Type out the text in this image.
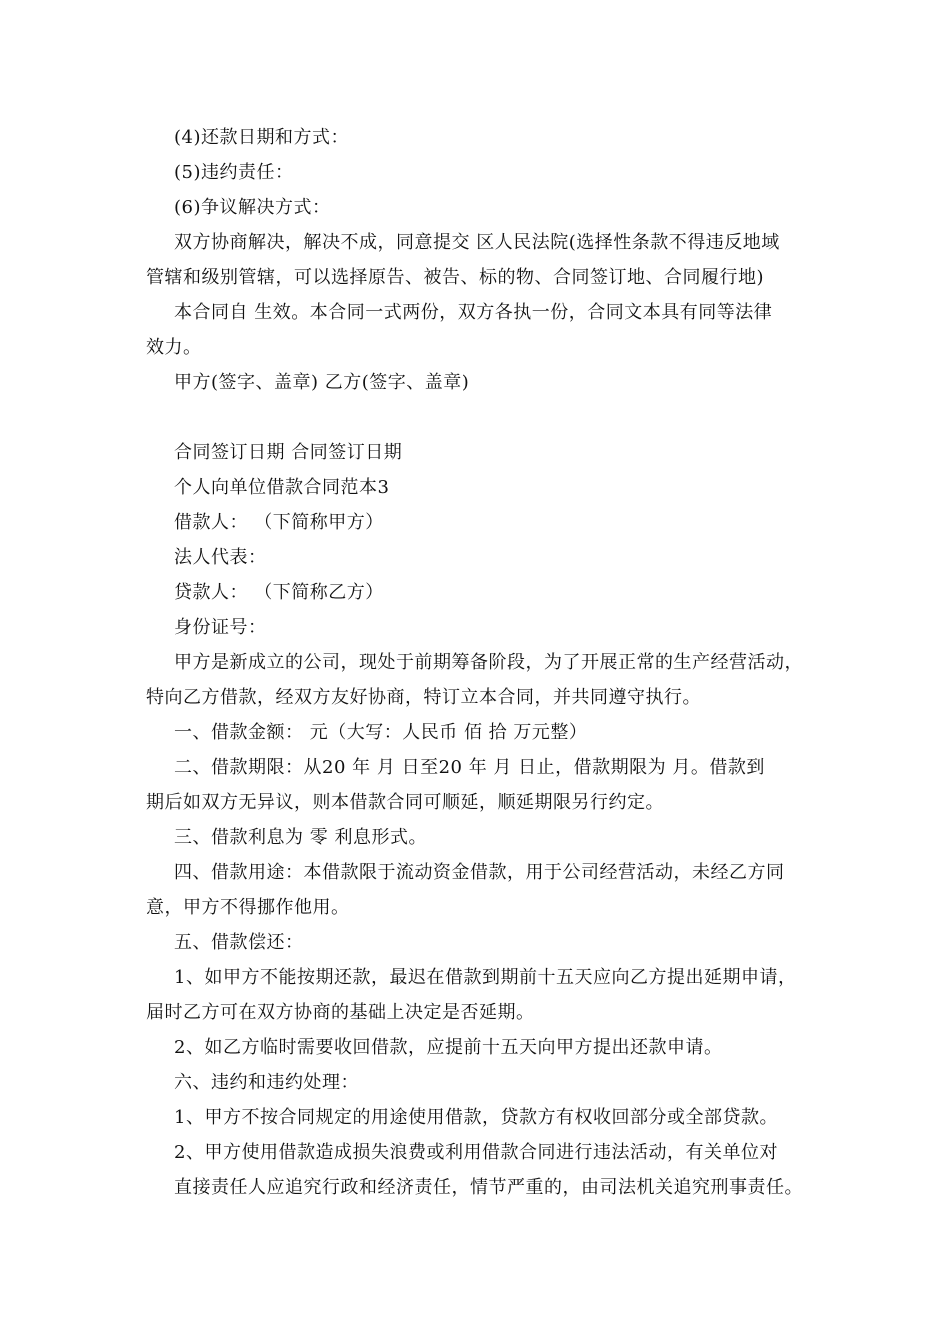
(4)还款日期和方式：
(5)违约责任：
(6)争议解决方式：
双方协商解决，解决不成，同意提交 区人民法院(选择性条款不得违反地域
管辖和级别管辖，可以选择原告、被告、标的物、合同签订地、合同履行地)
本合同自 生效。本合同一式两份，双方各执一份，合同文本具有同等法律
效力。
甲方(签字、盖章) 乙方(签字、盖章)
合同签订日期 合同签订日期
个人向单位借款合同范本3
借款人： （下简称甲方）
法人代表：
贷款人： （下简称乙方）
身份证号：
甲方是新成立的公司，现处于前期筹备阶段，为了开展正常的生产经营活动，
特向乙方借款，经双方友好协商，特订立本合同，并共同遵守执行。
一、借款金额： 元（大写：人民币 佰 拾 万元整）
二、借款期限：从20 年 月 日至20 年 月 日止，借款期限为 月。借款到
期后如双方无异议，则本借款合同可顺延，顺延期限另行约定。
三、借款利息为 零 利息形式。
四、借款用途：本借款限于流动资金借款，用于公司经营活动，未经乙方同
意，甲方不得挪作他用。
五、借款偿还：
1、如甲方不能按期还款，最迟在借款到期前十五天应向乙方提出延期申请，
届时乙方可在双方协商的基础上决定是否延期。
2、如乙方临时需要收回借款，应提前十五天向甲方提出还款申请。
六、违约和违约处理：
1、甲方不按合同规定的用途使用借款，贷款方有权收回部分或全部贷款。
2、甲方使用借款造成损失浪费或利用借款合同进行违法活动，有关单位对
直接责任人应追究行政和经济责任，情节严重的，由司法机关追究刑事责任。
